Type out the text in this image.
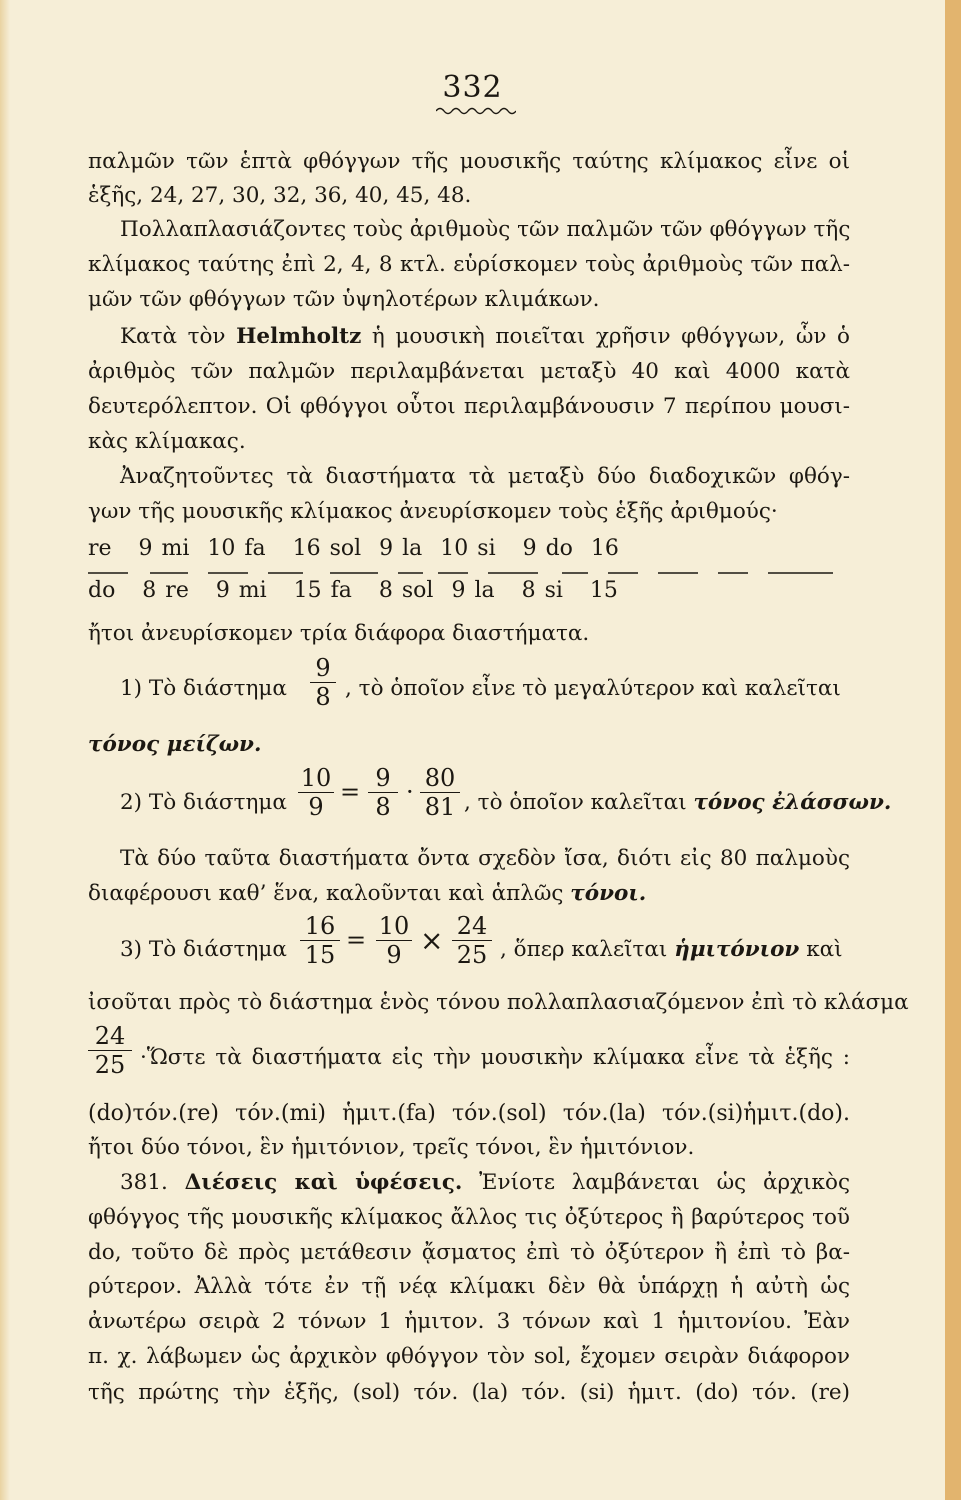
332
παλμῶν τῶν ἑπτὰ φθόγγων τῆς μουσικῆς ταύτης κλίμακος εἶνε οἱ
ἑξῆς, 24, 27, 30, 32, 36, 40, 45, 48.
Πολλαπλασιάζοντες τοὺς ἀριθμοὺς τῶν παλμῶν τῶν φθόγγων τῆς
κλίμακος ταύτης ἐπὶ 2, 4, 8 κτλ. εὑρίσκομεν τοὺς ἀριθμοὺς τῶν παλ-
μῶν τῶν φθόγγων τῶν ὑψηλοτέρων κλιμάκων.
Κατὰ τὸν Helmholtz ἡ μουσικὴ ποιεῖται χρῆσιν φθόγγων, ὧν ὁ
ἀριθμὸς τῶν παλμῶν περιλαμβάνεται μεταξὺ 40 καὶ 4000 κατὰ
δευτερόλεπτον. Οἱ φθόγγοι οὗτοι περιλαμβάνουσιν 7 περίπου μουσι-
κὰς κλίμακας.
Ἀναζητοῦντες τὰ διαστήματα τὰ μεταξὺ δύο διαδοχικῶν φθόγ-
γων τῆς μουσικῆς κλίμακος ἀνευρίσκομεν τοὺς ἑξῆς ἀριθμούς·
re   9 mi  10 fa   16 sol  9 la  10 si   9 do  16
do   8 re   9 mi   15 fa   8 sol  9 la   8 si   15
ἤτοι ἀνευρίσκομεν τρία διάφορα διαστήματα.
$\frac{9}{8}$
1) Τὸ διάστημα	, τὸ ὁποῖον εἶνε τὸ μεγαλύτερον καὶ καλεῖται
τόνος μείζων.
2) Τὸ διάστημα $\frac{10}{9} = \frac{9}{8} \cdot \frac{80}{81}$ , τὸ ὁποῖον καλεῖται τόνος ἐλάσσων.
Τὰ δύο ταῦτα διαστήματα ὄντα σχεδὸν ἴσα, διότι εἰς 80 παλμοὺς
διαφέρουσι καθ’ ἕνα, καλοῦνται καὶ ἁπλῶς τόνοι.
3) Τὸ διάστημα $\frac{16}{15} = \frac{10}{9} \times \frac{24}{25}$ , ὅπερ καλεῖται ἡμιτόνιον καὶ
ἰσοῦται πρὸς τὸ διάστημα ἑνὸς τόνου πολλαπλασιαζόμενον ἐπὶ τὸ κλάσμα
$\frac{24}{25}$ ·Ὥστε τὰ διαστήματα εἰς τὴν μουσικὴν κλίμακα εἶνε τὰ ἑξῆς :
(do)τόν.(re) τόν.(mi) ἡμιτ.(fa) τόν.(sol) τόν.(la) τόν.(si)ἡμιτ.(do).
ἤτοι δύο τόνοι, ἓν ἡμιτόνιον, τρεῖς τόνοι, ἓν ἡμιτόνιον.
381. Διέσεις καὶ ὑφέσεις. Ἐνίοτε λαμβάνεται ὡς ἀρχικὸς
φθόγγος τῆς μουσικῆς κλίμακος ἄλλος τις ὀξύτερος ἢ βαρύτερος τοῦ
do, τοῦτο δὲ πρὸς μετάθεσιν ᾄσματος ἐπὶ τὸ ὀξύτερον ἢ ἐπὶ τὸ βα-
ρύτερον. Ἀλλὰ τότε ἐν τῇ νέᾳ κλίμακι δὲν θὰ ὑπάρχῃ ἡ αὐτὴ ὡς
ἀνωτέρω σειρὰ 2 τόνων 1 ἡμιτον. 3 τόνων καὶ 1 ἡμιτονίου. Ἐὰν
π. χ. λάβωμεν ὡς ἀρχικὸν φθόγγον τὸν sol, ἔχομεν σειρὰν διάφορον
τῆς πρώτης τὴν ἑξῆς, (sol) τόν. (la) τόν. (si) ἡμιτ. (do) τόν. (re)
